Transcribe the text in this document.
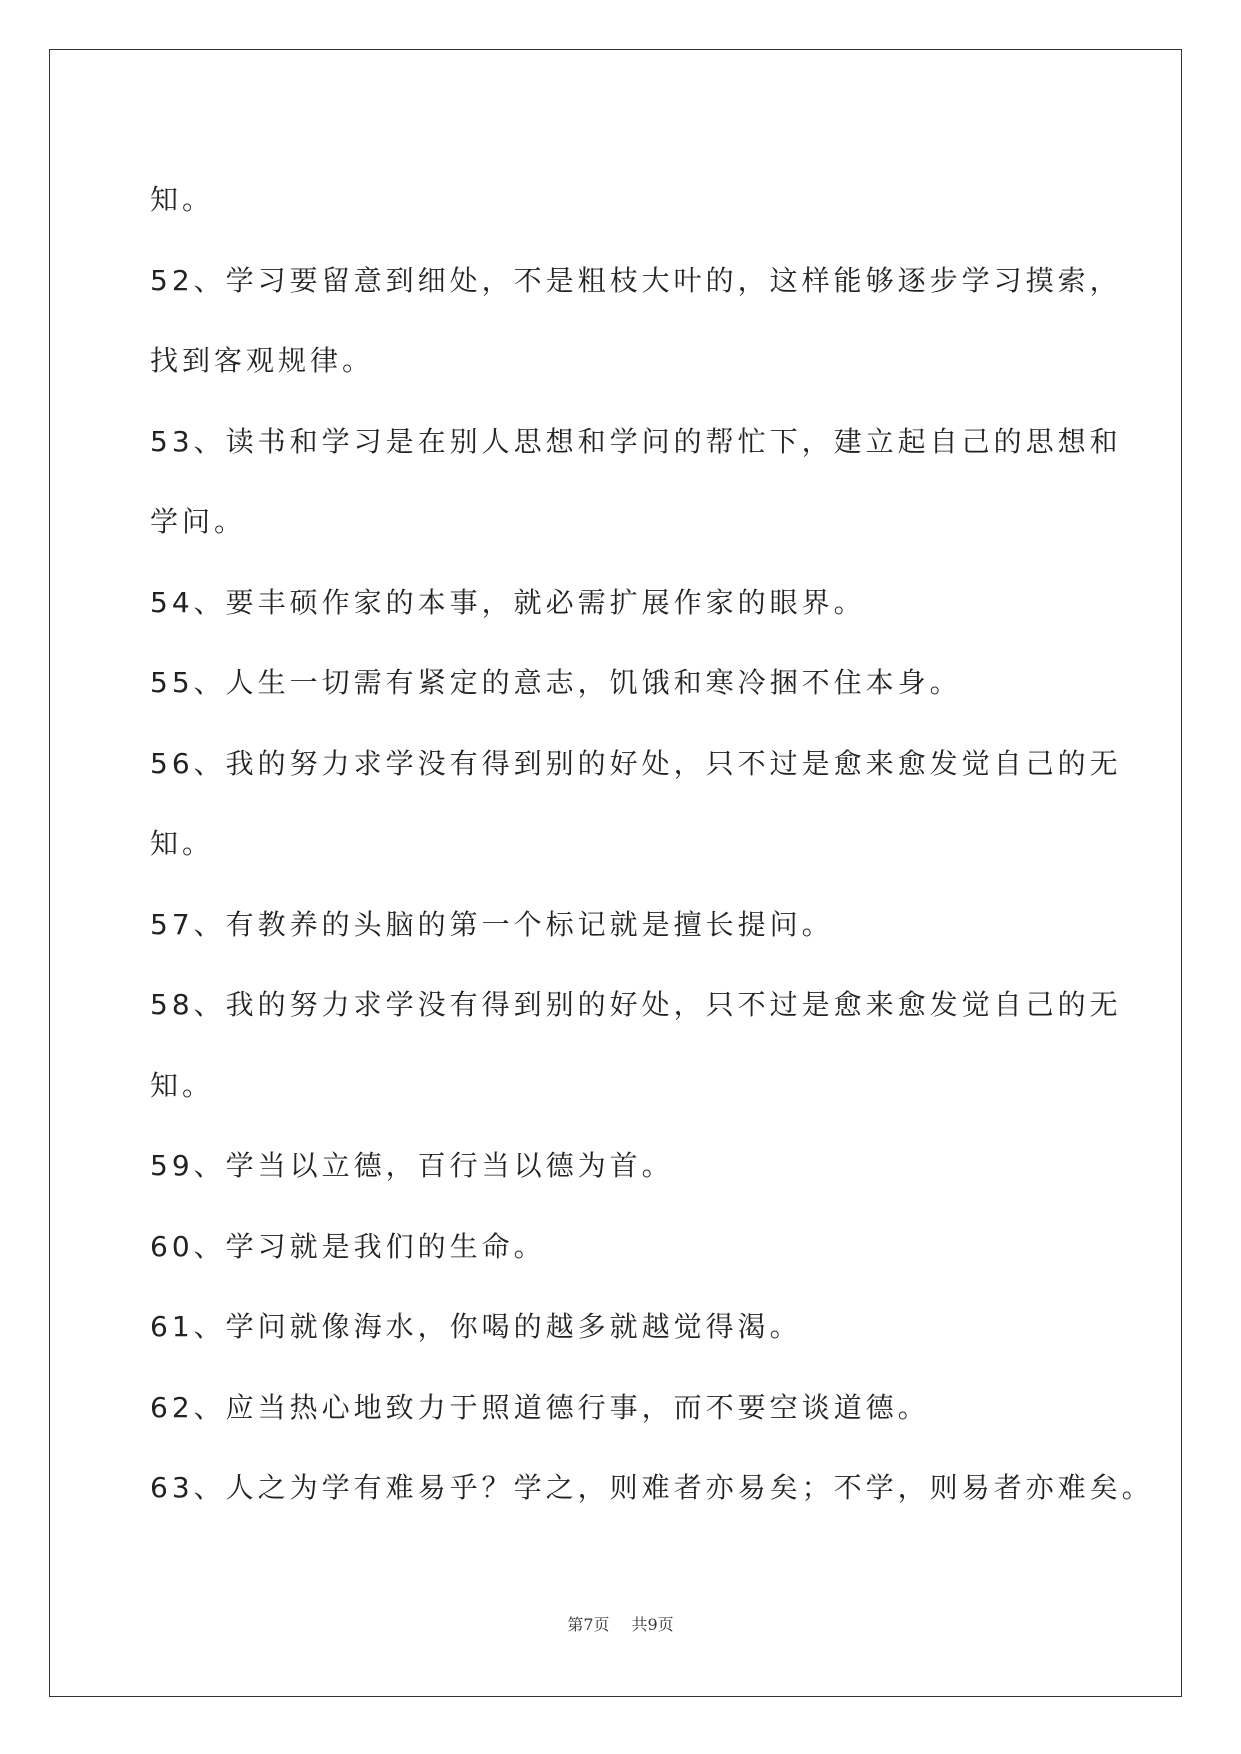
知。
52、学习要留意到细处，不是粗枝大叶的，这样能够逐步学习摸索，
找到客观规律。
53、读书和学习是在别人思想和学问的帮忙下，建立起自己的思想和
学问。
54、要丰硕作家的本事，就必需扩展作家的眼界。
55、人生一切需有紧定的意志，饥饿和寒冷捆不住本身。
56、我的努力求学没有得到别的好处，只不过是愈来愈发觉自己的无
知。
57、有教养的头脑的第一个标记就是擅长提问。
58、我的努力求学没有得到别的好处，只不过是愈来愈发觉自己的无
知。
59、学当以立德，百行当以德为首。
60、学习就是我们的生命。
61、学问就像海水，你喝的越多就越觉得渴。
62、应当热心地致力于照道德行事，而不要空谈道德。
63、人之为学有难易乎？学之，则难者亦易矣；不学，则易者亦难矣。
第7页 共9页
